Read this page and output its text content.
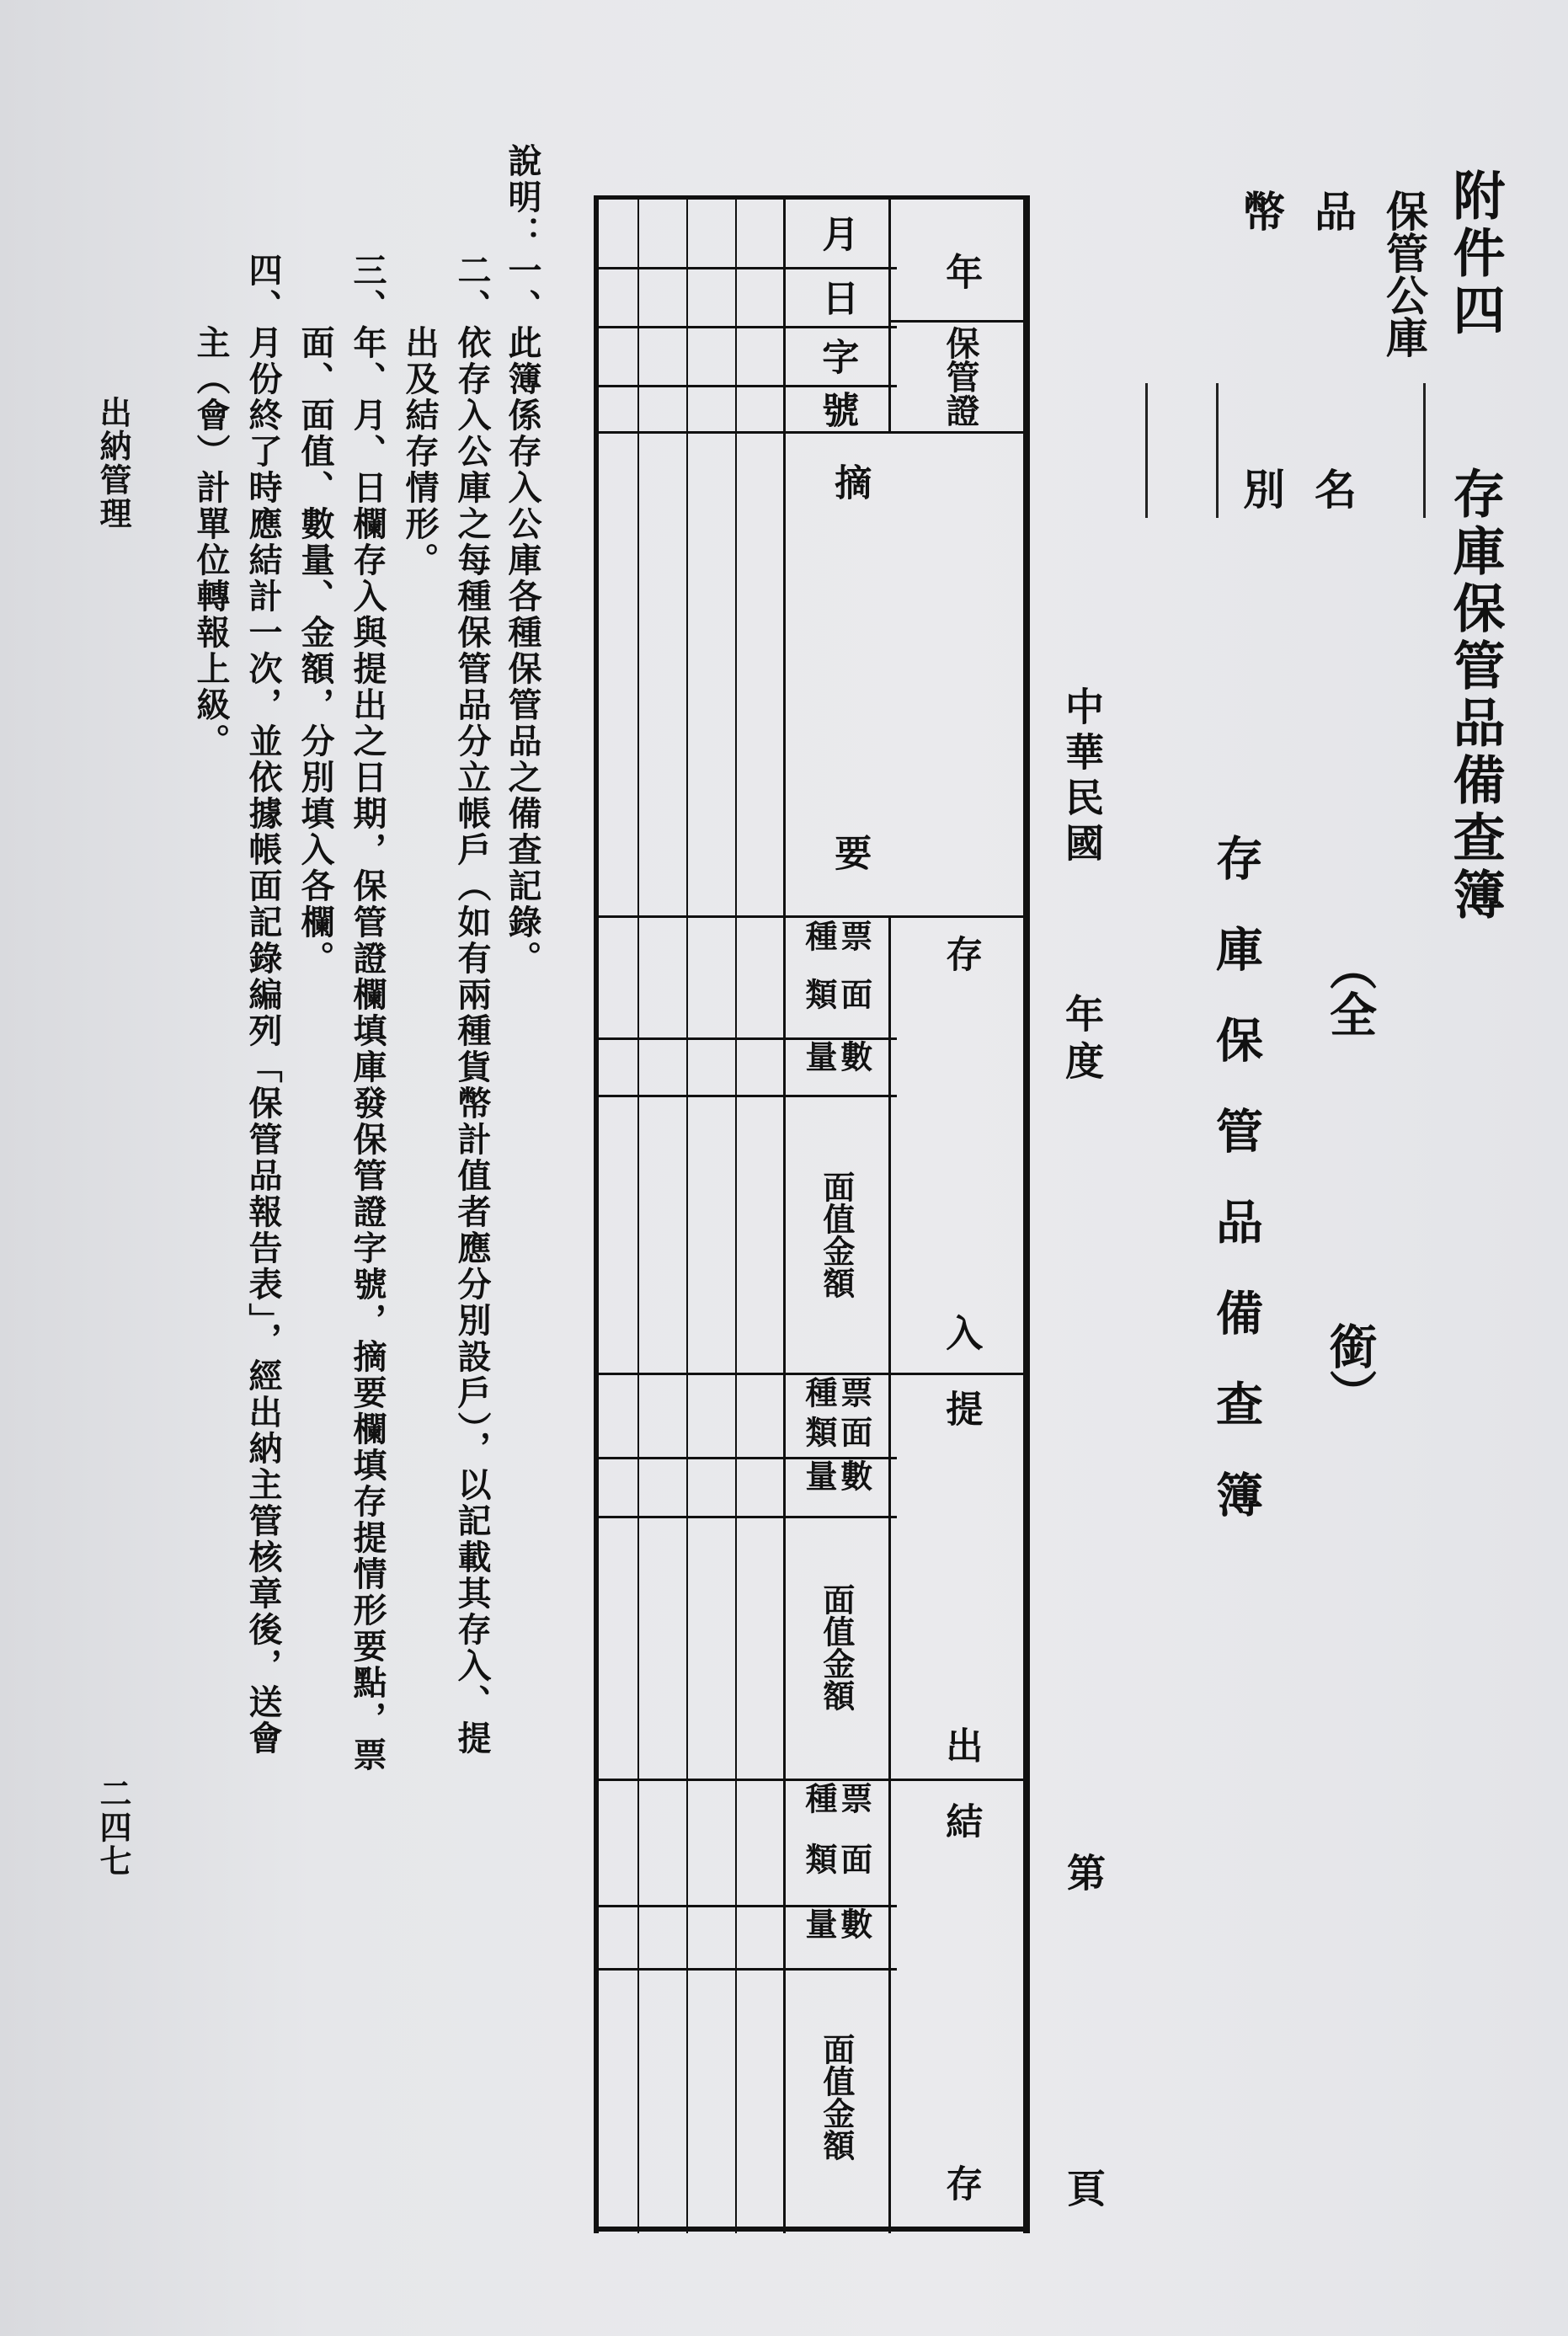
附件四存庫保管品備查簿
保管公庫
品　　名
幣　　別
（全
銜）
存庫保管品備查簿
中華民國
年度
第
頁
年
保管證
月
日
字
號
摘
要
存
入
票種
面類
數量
面值金額
提
出
票種
面類
數量
面值金額
結
存
票種
面類
數量
面值金額
說明：
一、此簿係存入公庫各種保管品之備查記錄。
二、依存入公庫之每種保管品分立帳戶（如有兩種貨幣計值者應分別設戶），以記載其存入、提
　　出及結存情形。
三、年、月、日欄存入與提出之日期，保管證欄填庫發保管證字號，摘要欄填存提情形要點，票
　　面、面值、數量、金額，分別填入各欄。
四、月份終了時應結計一次，並依據帳面記錄編列「保管品報告表」，經出納主管核章後，送會
　　主（會）計單位轉報上級。
出納管理
二四七
